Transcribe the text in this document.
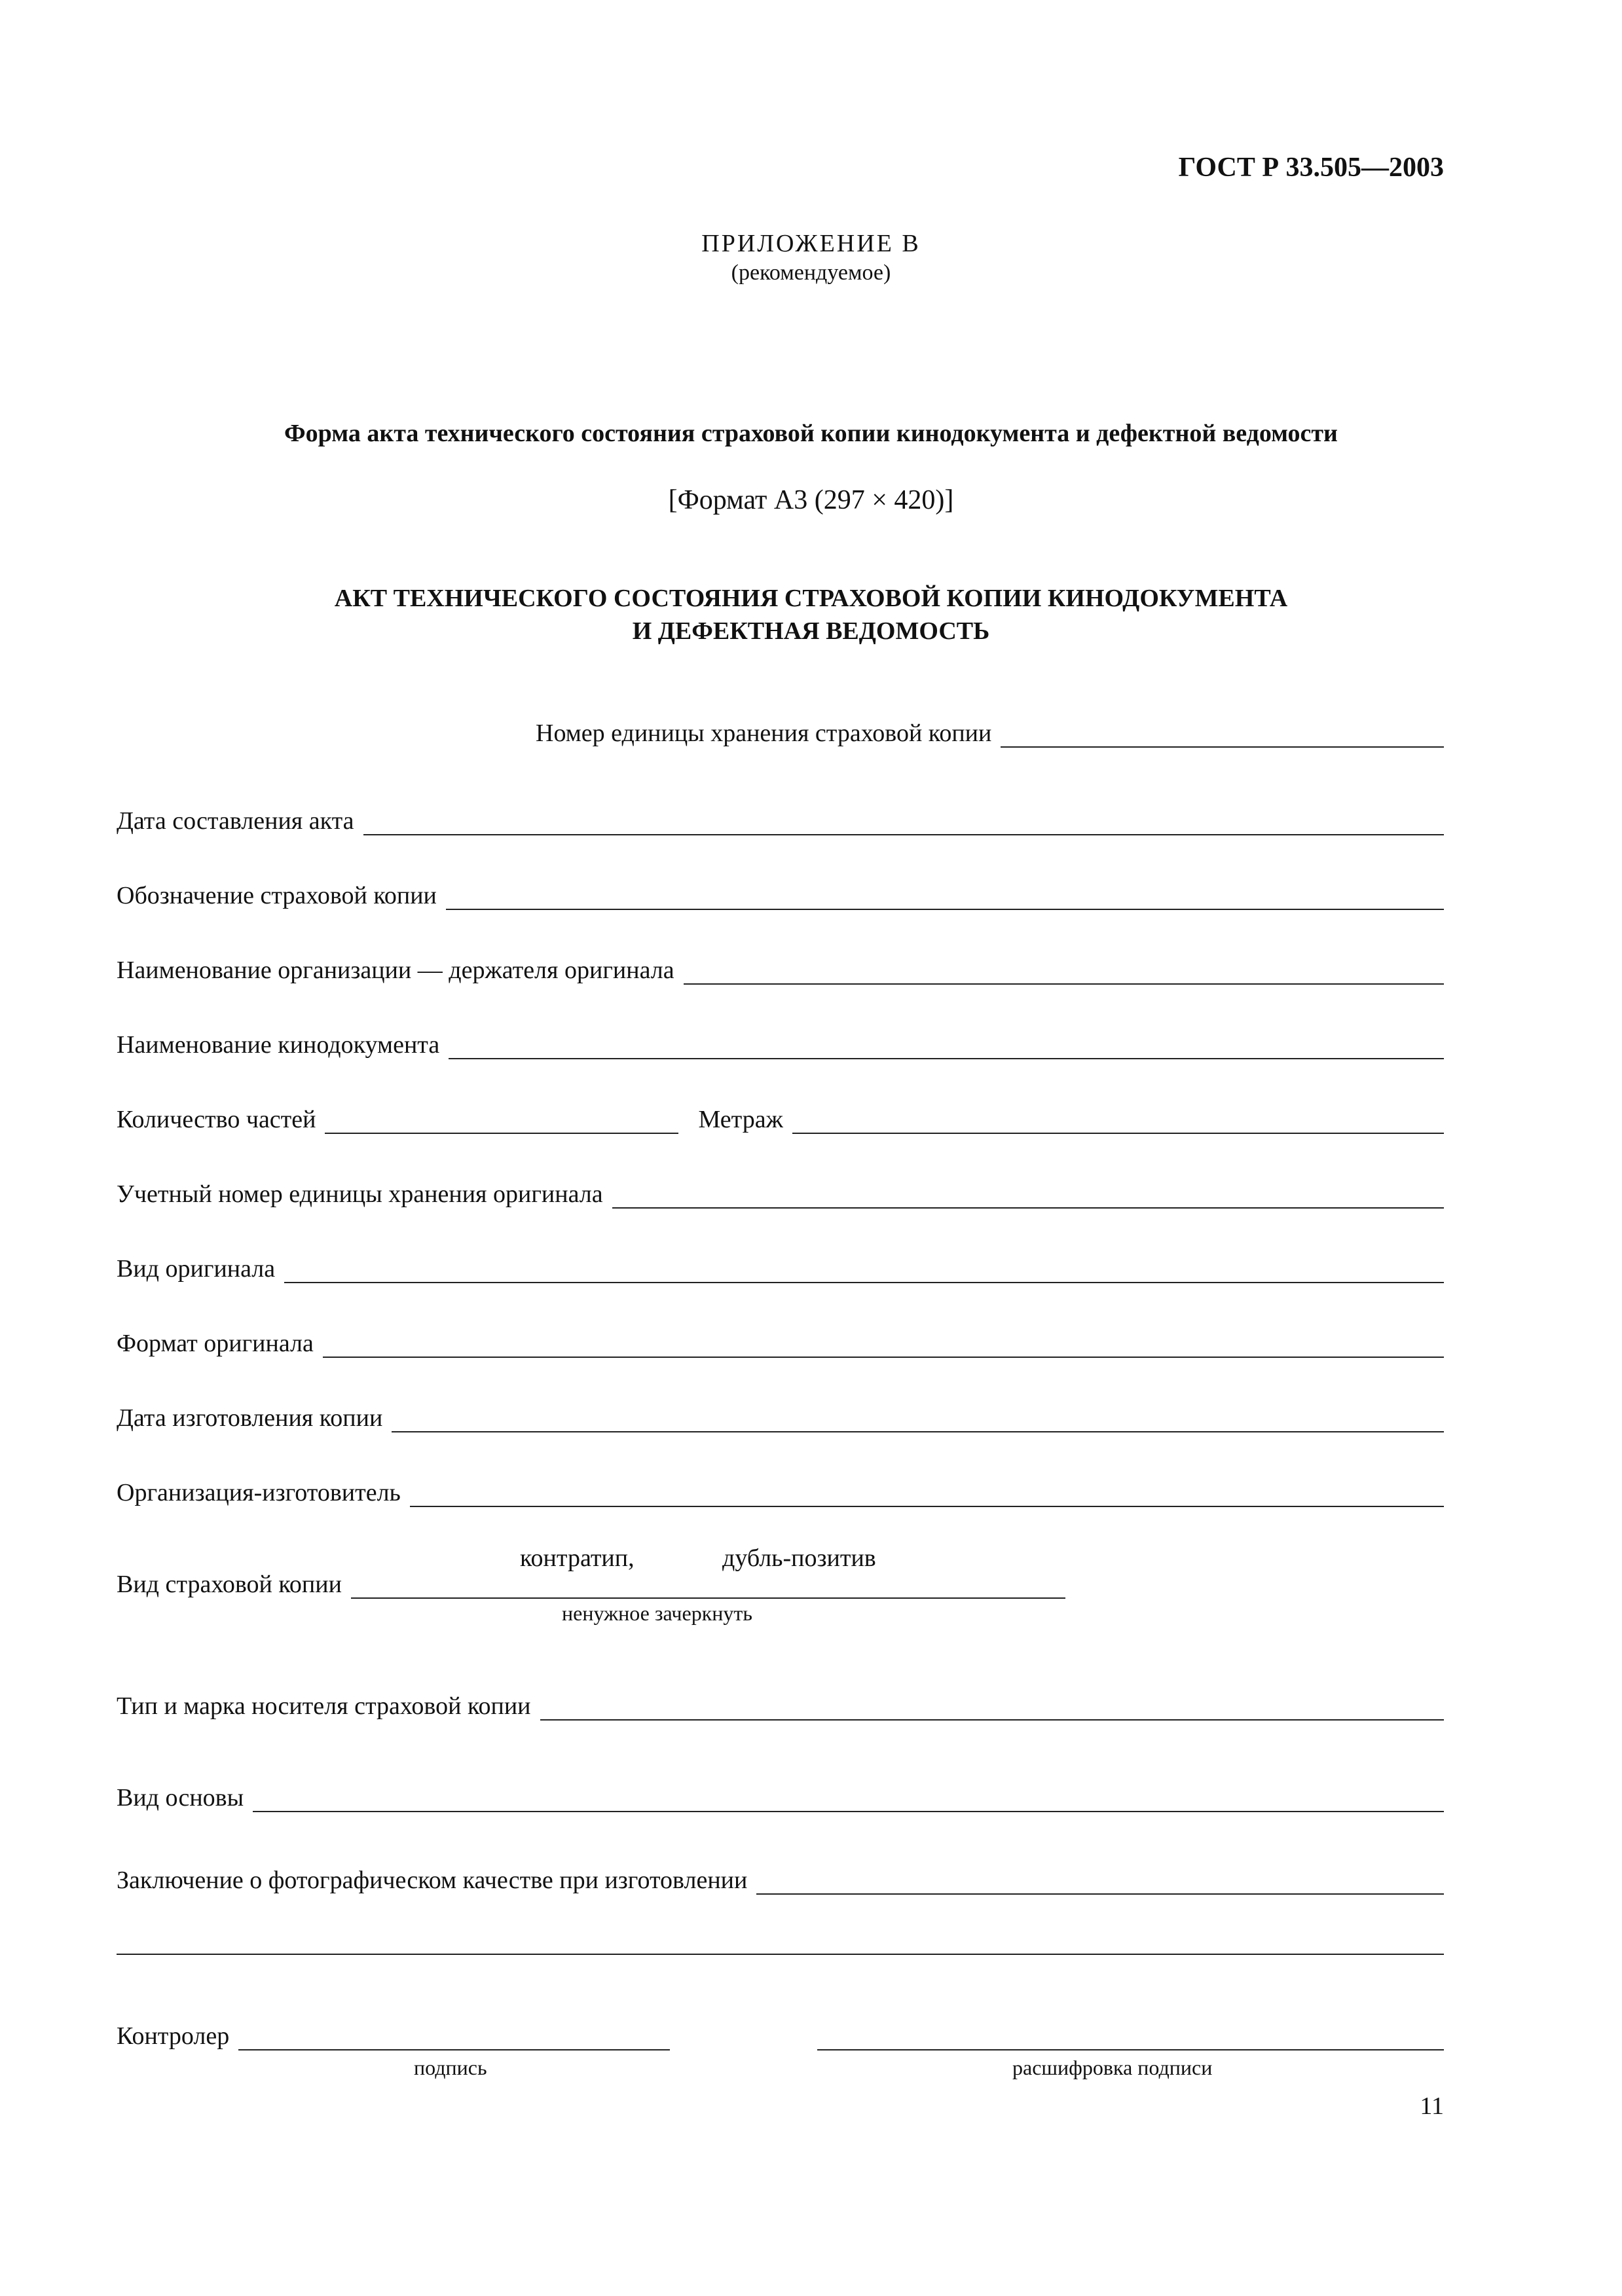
ГОСТ Р 33.505—2003
ПРИЛОЖЕНИЕ В
(рекомендуемое)
Форма акта технического состояния страховой копии кинодокумента и дефектной ведомости
[Формат А3 (297 × 420)]
АКТ ТЕХНИЧЕСКОГО СОСТОЯНИЯ СТРАХОВОЙ КОПИИ КИНОДОКУМЕНТА
И ДЕФЕКТНАЯ ВЕДОМОСТЬ
Номер единицы хранения страховой копии
Дата составления акта
Обозначение страховой копии
Наименование организации — держателя оригинала
Наименование кинодокумента
Количество частей	Метраж
Учетный номер единицы хранения оригинала
Вид оригинала
Формат оригинала
Дата изготовления копии
Организация-изготовитель
контратип,	дубль-позитив
Вид страховой копии
ненужное зачеркнуть
Тип и марка носителя страховой копии
Вид основы
Заключение о фотографическом качестве при изготовлении
Контролер
подпись	расшифровка подписи
11
